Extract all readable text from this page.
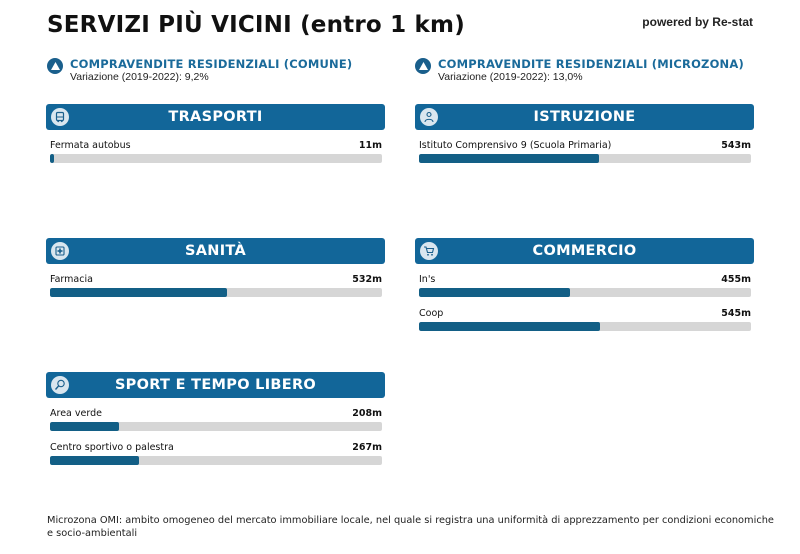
SERVIZI PIÙ VICINI (entro 1 km)	powered by Re-stat
COMPRAVENDITE RESIDENZIALI (COMUNE)
Variazione (2019-2022): 9,2%
COMPRAVENDITE RESIDENZIALI (MICROZONA)
Variazione (2019-2022): 13,0%
TRASPORTI
Fermata autobus	11m
ISTRUZIONE
Istituto Comprensivo 9 (Scuola Primaria)	543m
SANITÀ
Farmacia	532m
COMMERCIO
In's	455m
Coop	545m
SPORT E TEMPO LIBERO
Area verde	208m
Centro sportivo o palestra	267m
Microzona OMI: ambito omogeneo del mercato immobiliare locale, nel quale si registra una uniformità di apprezzamento per condizioni economiche e socio-ambientali
